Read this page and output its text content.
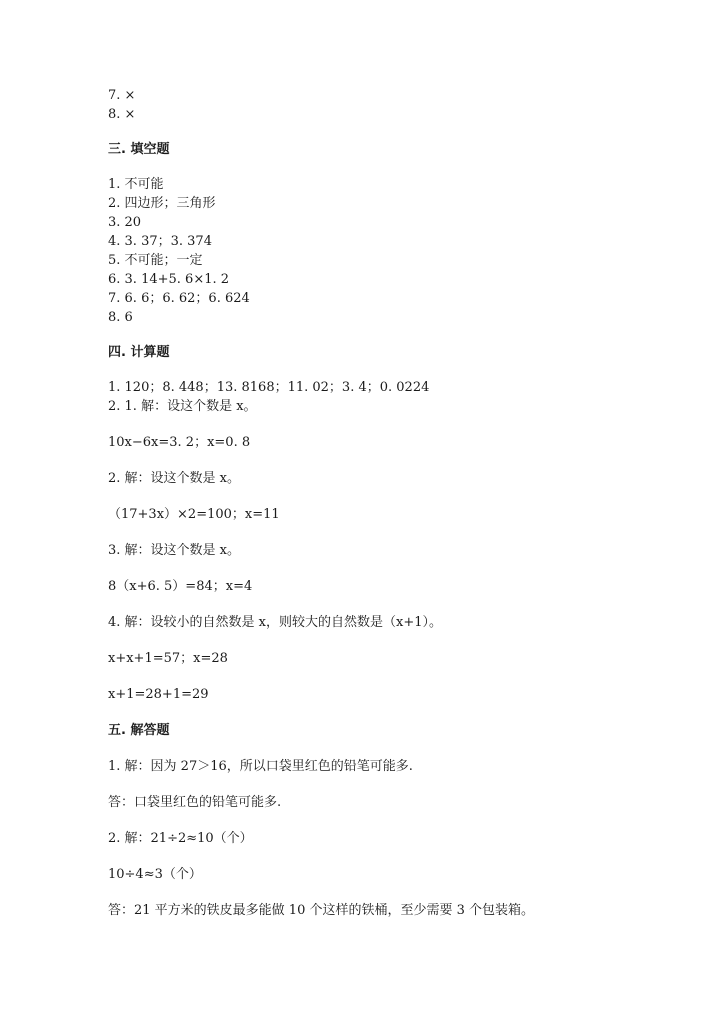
7. ×
8. ×
三. 填空题
1. 不可能
2. 四边形；三角形
3. 20
4. 3. 37；3. 374
5. 不可能；一定
6. 3. 14+5. 6×1. 2
7. 6. 6；6. 62；6. 624
8. 6
四. 计算题
1. 120；8. 448；13. 8168；11. 02；3. 4；0. 0224
2. 1. 解：设这个数是 x。
10x−6x=3. 2；x=0. 8
2. 解：设这个数是 x。
（17+3x）×2=100；x=11
3. 解：设这个数是 x。
8（x+6. 5）=84；x=4
4. 解：设较小的自然数是 x，则较大的自然数是（x+1）。
x+x+1=57；x=28
x+1=28+1=29
五. 解答题
1. 解：因为 27＞16，所以口袋里红色的铅笔可能多.
答：口袋里红色的铅笔可能多.
2. 解：21÷2≈10（个）
10÷4≈3（个）
答：21 平方米的铁皮最多能做 10 个这样的铁桶，至少需要 3 个包装箱。
